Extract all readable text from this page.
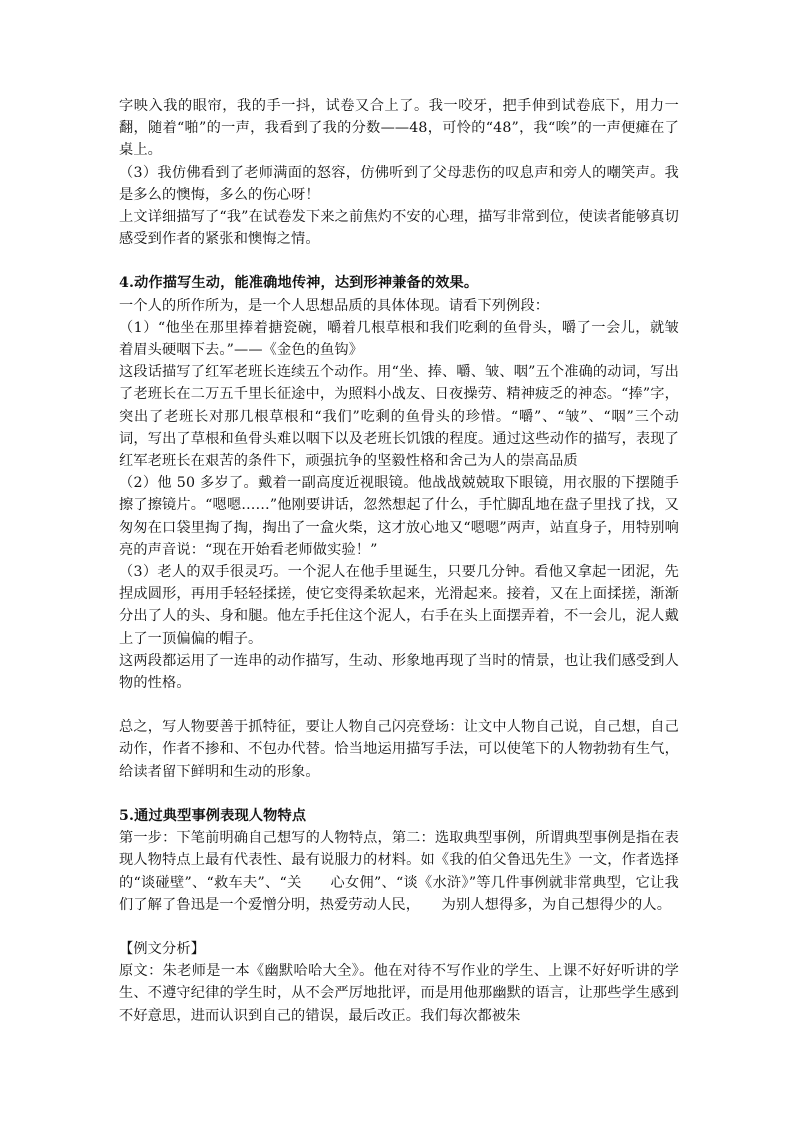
字映入我的眼帘，我的手一抖，试卷又合上了。我一咬牙，把手伸到试卷底下，用力一翻，随着“啪”的一声，我看到了我的分数——48，可怜的“48”，我“唉”的一声便瘫在了桌上。

（3）我仿佛看到了老师满面的怒容，仿佛听到了父母悲伤的叹息声和旁人的嘲笑声。我是多么的懊悔，多么的伤心呀！

上文详细描写了“我”在试卷发下来之前焦灼不安的心理，描写非常到位，使读者能够真切感受到作者的紧张和懊悔之情。

4.动作描写生动，能准确地传神，达到形神兼备的效果。

一个人的所作所为，是一个人思想品质的具体体现。请看下列例段：

（1）“他坐在那里捧着搪瓷碗，嚼着几根草根和我们吃剩的鱼骨头，嚼了一会儿，就皱着眉头硬咽下去。”——《金色的鱼钩》

这段话描写了红军老班长连续五个动作。用“坐、捧、嚼、皱、咽”五个准确的动词，写出了老班长在二万五千里长征途中，为照料小战友、日夜操劳、精神疲乏的神态。“捧”字，突出了老班长对那几根草根和“我们”吃剩的鱼骨头的珍惜。“嚼”、“皱”、“咽”三个动词，写出了草根和鱼骨头难以咽下以及老班长饥饿的程度。通过这些动作的描写，表现了红军老班长在艰苦的条件下，顽强抗争的坚毅性格和舍己为人的崇高品质

（2）他 50 多岁了。戴着一副高度近视眼镜。他战战兢兢取下眼镜，用衣服的下摆随手擦了擦镜片。“嗯嗯……”他刚要讲话，忽然想起了什么，手忙脚乱地在盘子里找了找，又匆匆在口袋里掏了掏，掏出了一盒火柴，这才放心地又“嗯嗯”两声，站直身子，用特别响亮的声音说：“现在开始看老师做实验！”

（3）老人的双手很灵巧。一个泥人在他手里诞生，只要几分钟。看他又拿起一团泥，先捏成圆形，再用手轻轻揉搓，使它变得柔软起来，光滑起来。接着，又在上面揉搓，渐渐分出了人的头、身和腿。他左手托住这个泥人，右手在头上面摆弄着，不一会儿，泥人戴上了一顶偏偏的帽子。

这两段都运用了一连串的动作描写，生动、形象地再现了当时的情景，也让我们感受到人物的性格。

总之，写人物要善于抓特征，要让人物自己闪亮登场：让文中人物自己说，自己想，自己动作，作者不掺和、不包办代替。恰当地运用描写手法，可以使笔下的人物勃勃有生气，给读者留下鲜明和生动的形象。

5.通过典型事例表现人物特点

第一步：下笔前明确自己想写的人物特点，第二：选取典型事例，所谓典型事例是指在表现人物特点上最有代表性、最有说服力的材料。如《我的伯父鲁迅先生》一文，作者选择的“谈碰壁”、“救车夫”、“关　　心女佣”、“谈《水浒》”等几件事例就非常典型，它让我们了解了鲁迅是一个爱憎分明，热爱劳动人民，　　为别人想得多，为自己想得少的人。

【例文分析】

原文：朱老师是一本《幽默哈哈大全》。他在对待不写作业的学生、上课不好好听讲的学生、不遵守纪律的学生时，从不会严厉地批评，而是用他那幽默的语言，让那些学生感到不好意思，进而认识到自己的错误，最后改正。我们每次都被朱
